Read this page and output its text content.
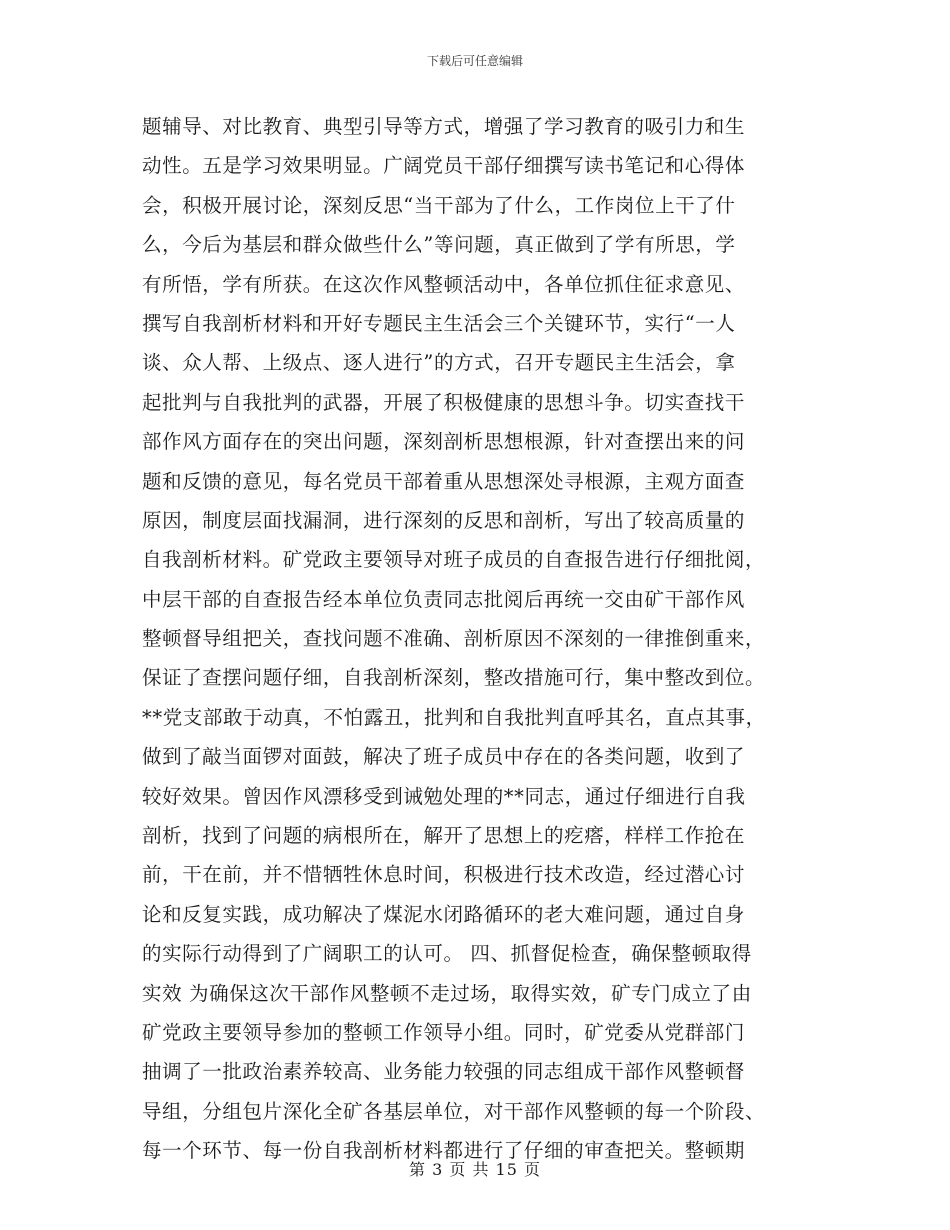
下载后可任意编辑
题辅导、对比教育、典型引导等方式，增强了学习教育的吸引力和生
动性。五是学习效果明显。广阔党员干部仔细撰写读书笔记和心得体
会，积极开展讨论，深刻反思“当干部为了什么，工作岗位上干了什
么，今后为基层和群众做些什么”等问题，真正做到了学有所思，学
有所悟，学有所获。在这次作风整顿活动中，各单位抓住征求意见、
撰写自我剖析材料和开好专题民主生活会三个关键环节，实行“一人
谈、众人帮、上级点、逐人进行”的方式，召开专题民主生活会，拿
起批判与自我批判的武器，开展了积极健康的思想斗争。切实查找干
部作风方面存在的突出问题，深刻剖析思想根源，针对查摆出来的问
题和反馈的意见，每名党员干部着重从思想深处寻根源，主观方面查
原因，制度层面找漏洞，进行深刻的反思和剖析，写出了较高质量的
自我剖析材料。矿党政主要领导对班子成员的自查报告进行仔细批阅，
中层干部的自查报告经本单位负责同志批阅后再统一交由矿干部作风
整顿督导组把关，查找问题不准确、剖析原因不深刻的一律推倒重来，
保证了查摆问题仔细，自我剖析深刻，整改措施可行，集中整改到位。
**党支部敢于动真，不怕露丑，批判和自我批判直呼其名，直点其事，
做到了敲当面锣对面鼓，解决了班子成员中存在的各类问题，收到了
较好效果。曾因作风漂移受到诫勉处理的**同志，通过仔细进行自我
剖析，找到了问题的病根所在，解开了思想上的疙瘩，样样工作抢在
前，干在前，并不惜牺牲休息时间，积极进行技术改造，经过潜心讨
论和反复实践，成功解决了煤泥水闭路循环的老大难问题，通过自身
的实际行动得到了广阔职工的认可。 四、抓督促检查，确保整顿取得
实效 为确保这次干部作风整顿不走过场，取得实效，矿专门成立了由
矿党政主要领导参加的整顿工作领导小组。同时，矿党委从党群部门
抽调了一批政治素养较高、业务能力较强的同志组成干部作风整顿督
导组，分组包片深化全矿各基层单位，对干部作风整顿的每一个阶段、
每一个环节、每一份自我剖析材料都进行了仔细的审查把关。整顿期
第 3 页 共 15 页
